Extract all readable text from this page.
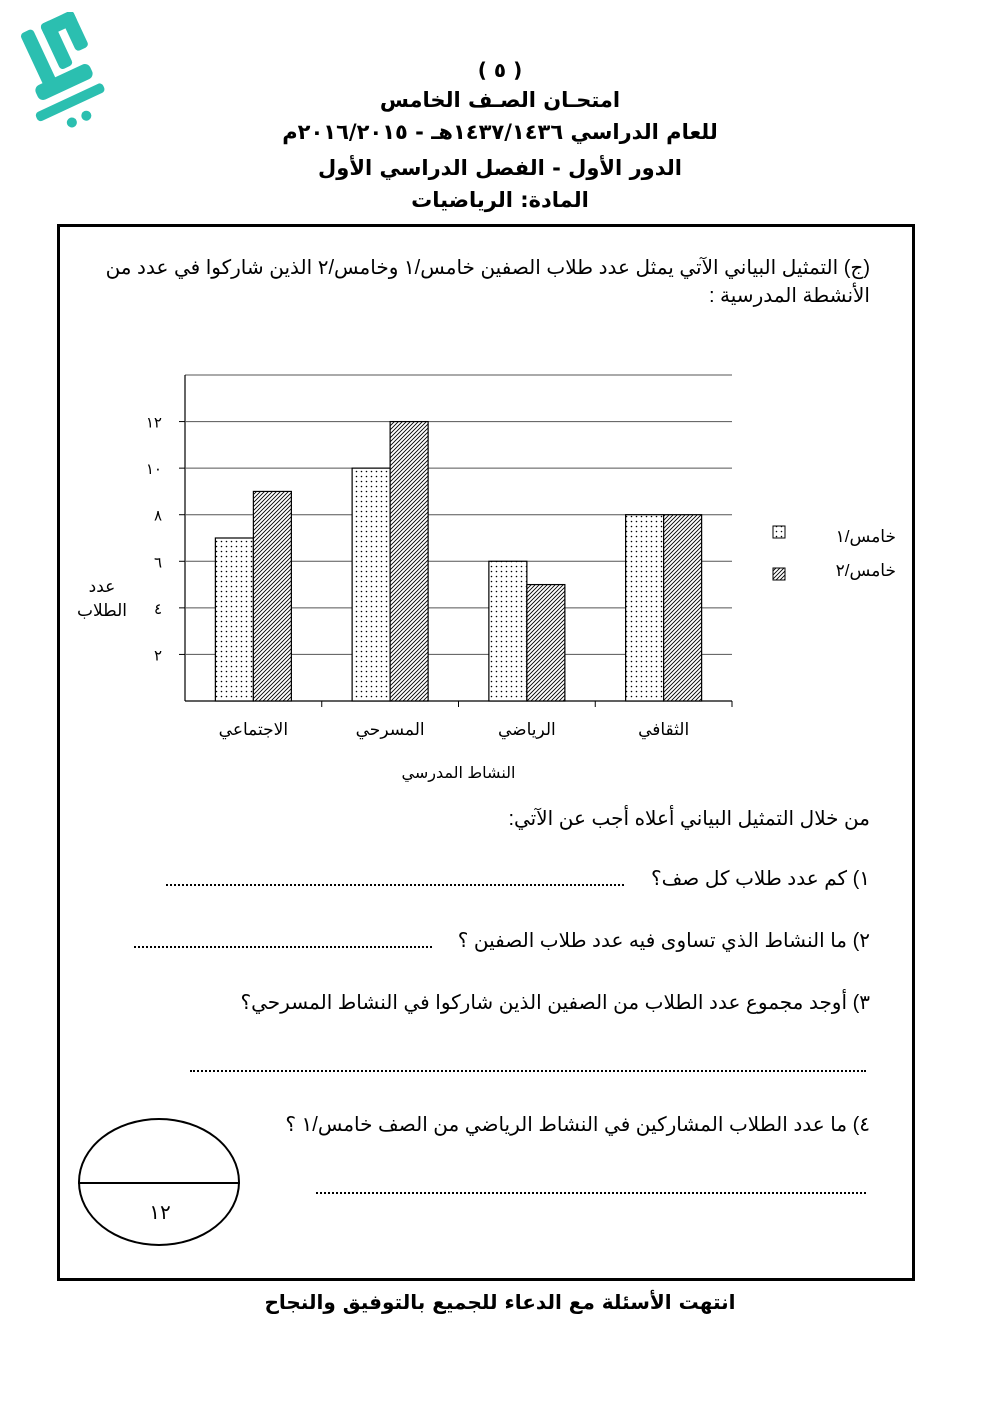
( ٥ )
امتحـان الصـف الخامس
للعام الدراسي ١٤٣٧/١٤٣٦هـ - ٢٠١٦/٢٠١٥م
الدور الأول - الفصل الدراسي الأول
المادة: الرياضيات
(ج) التمثيل البياني الآتي يمثل عدد طلاب الصفين خامس/١ وخامس/٢ الذين شاركوا في عدد من الأنشطة المدرسية :
٢
٤
٦
٨
١٠
١٢
الاجتماعي	المسرحي	الرياضي	الثقافي
النشاط المدرسي
عدد
الطلاب
خامس/١
خامس/٢
من خلال التمثيل البياني أعلاه أجب عن الآتي:
١) كم عدد طلاب كل صف؟
٢) ما النشاط الذي تساوى فيه عدد طلاب الصفين ؟
٣) أوجد مجموع عدد الطلاب من الصفين الذين شاركوا في النشاط المسرحي؟
٤) ما عدد الطلاب المشاركين في النشاط الرياضي من الصف خامس/١ ؟
١٢
انتهت الأسئلة مع الدعاء للجميع بالتوفيق والنجاح
